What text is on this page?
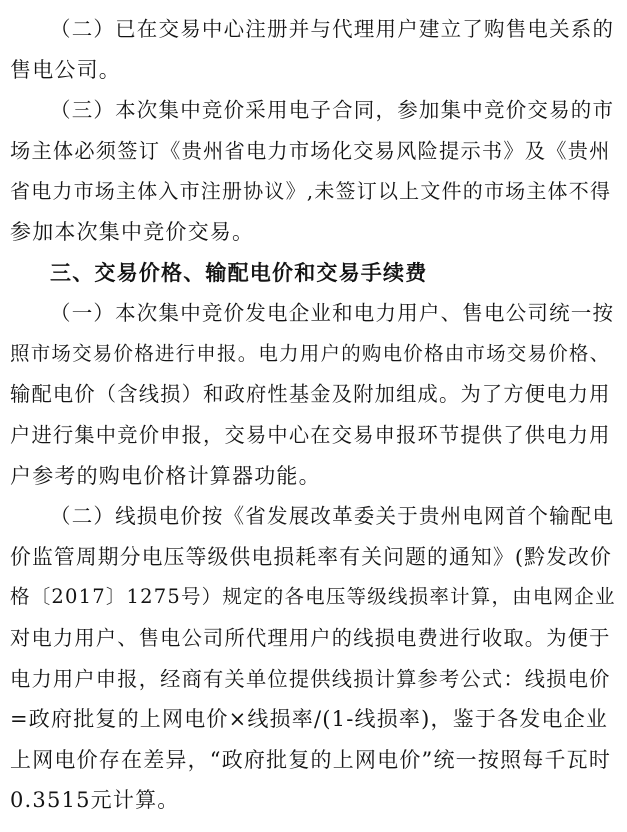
（二）已在交易中心注册并与代理用户建立了购售电关系的
售电公司。
（三）本次集中竞价采用电子合同，参加集中竞价交易的市
场主体必须签订《贵州省电力市场化交易风险提示书》及《贵州
省电力市场主体入市注册协议》,未签订以上文件的市场主体不得
参加本次集中竞价交易。
三、交易价格、输配电价和交易手续费
（一）本次集中竞价发电企业和电力用户、售电公司统一按
照市场交易价格进行申报。电力用户的购电价格由市场交易价格、
输配电价（含线损）和政府性基金及附加组成。为了方便电力用
户进行集中竞价申报，交易中心在交易申报环节提供了供电力用
户参考的购电价格计算器功能。
（二）线损电价按《省发展改革委关于贵州电网首个输配电
价监管周期分电压等级供电损耗率有关问题的通知》(黔发改价
格〔2017〕1275号）规定的各电压等级线损率计算，由电网企业
对电力用户、售电公司所代理用户的线损电费进行收取。为便于
电力用户申报，经商有关单位提供线损计算参考公式：线损电价
=政府批复的上网电价×线损率/(1-线损率)，鉴于各发电企业
上网电价存在差异，“政府批复的上网电价”统一按照每千瓦时
0.3515元计算。
